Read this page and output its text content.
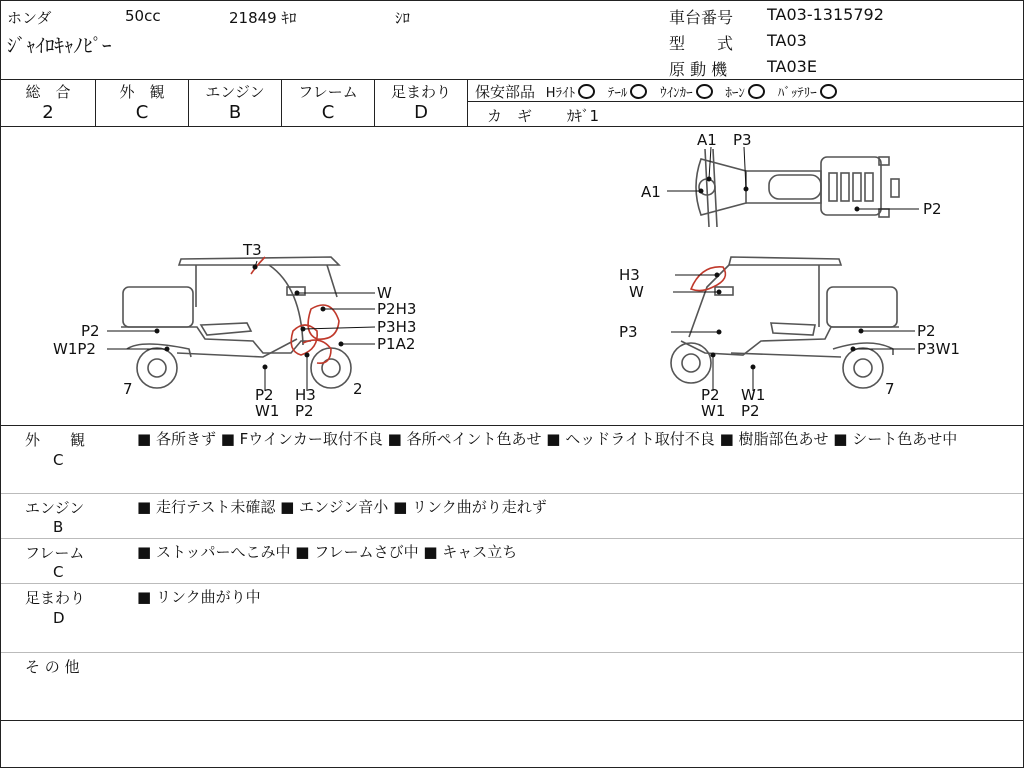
ホンダ	50cc	21849 ｷﾛ	ｼﾛ
ｼﾞｬｲﾛｷｬﾉﾋﾟｰ
車台番号 TA03-1315792
型　　式 TA03
原 動 機 TA03E
総　合	外　観	エンジン	フレーム	足まわり
2	C	B	C	D
保安部品 Hﾗｲﾄ	ﾃｰﾙ	ｳｲﾝｶｰ	ﾎｰﾝ	ﾊﾞｯﾃﾘｰ
カ　ギ ｶｷﾞ1
A1 P3
A1
P2
T3
W
P2H3
P3H3
P1A2
P2
W1P2
7	2
P2
W1
H3
P2
H3
W
P3	P2
P3W1
7
P2
W1
W1
P2
外　　観
C
■ 各所きず ■ Fウインカー取付不良 ■ 各所ペイント色あせ ■ ヘッドライト取付不良 ■ 樹脂部色あせ ■ シート色あせ中
エンジン
B
■ 走行テスト未確認 ■ エンジン音小 ■ リンク曲がり走れず
フレーム
C
■ ストッパーへこみ中 ■ フレームさび中 ■ キャス立ち
足まわり
D
■ リンク曲がり中
そ の 他
